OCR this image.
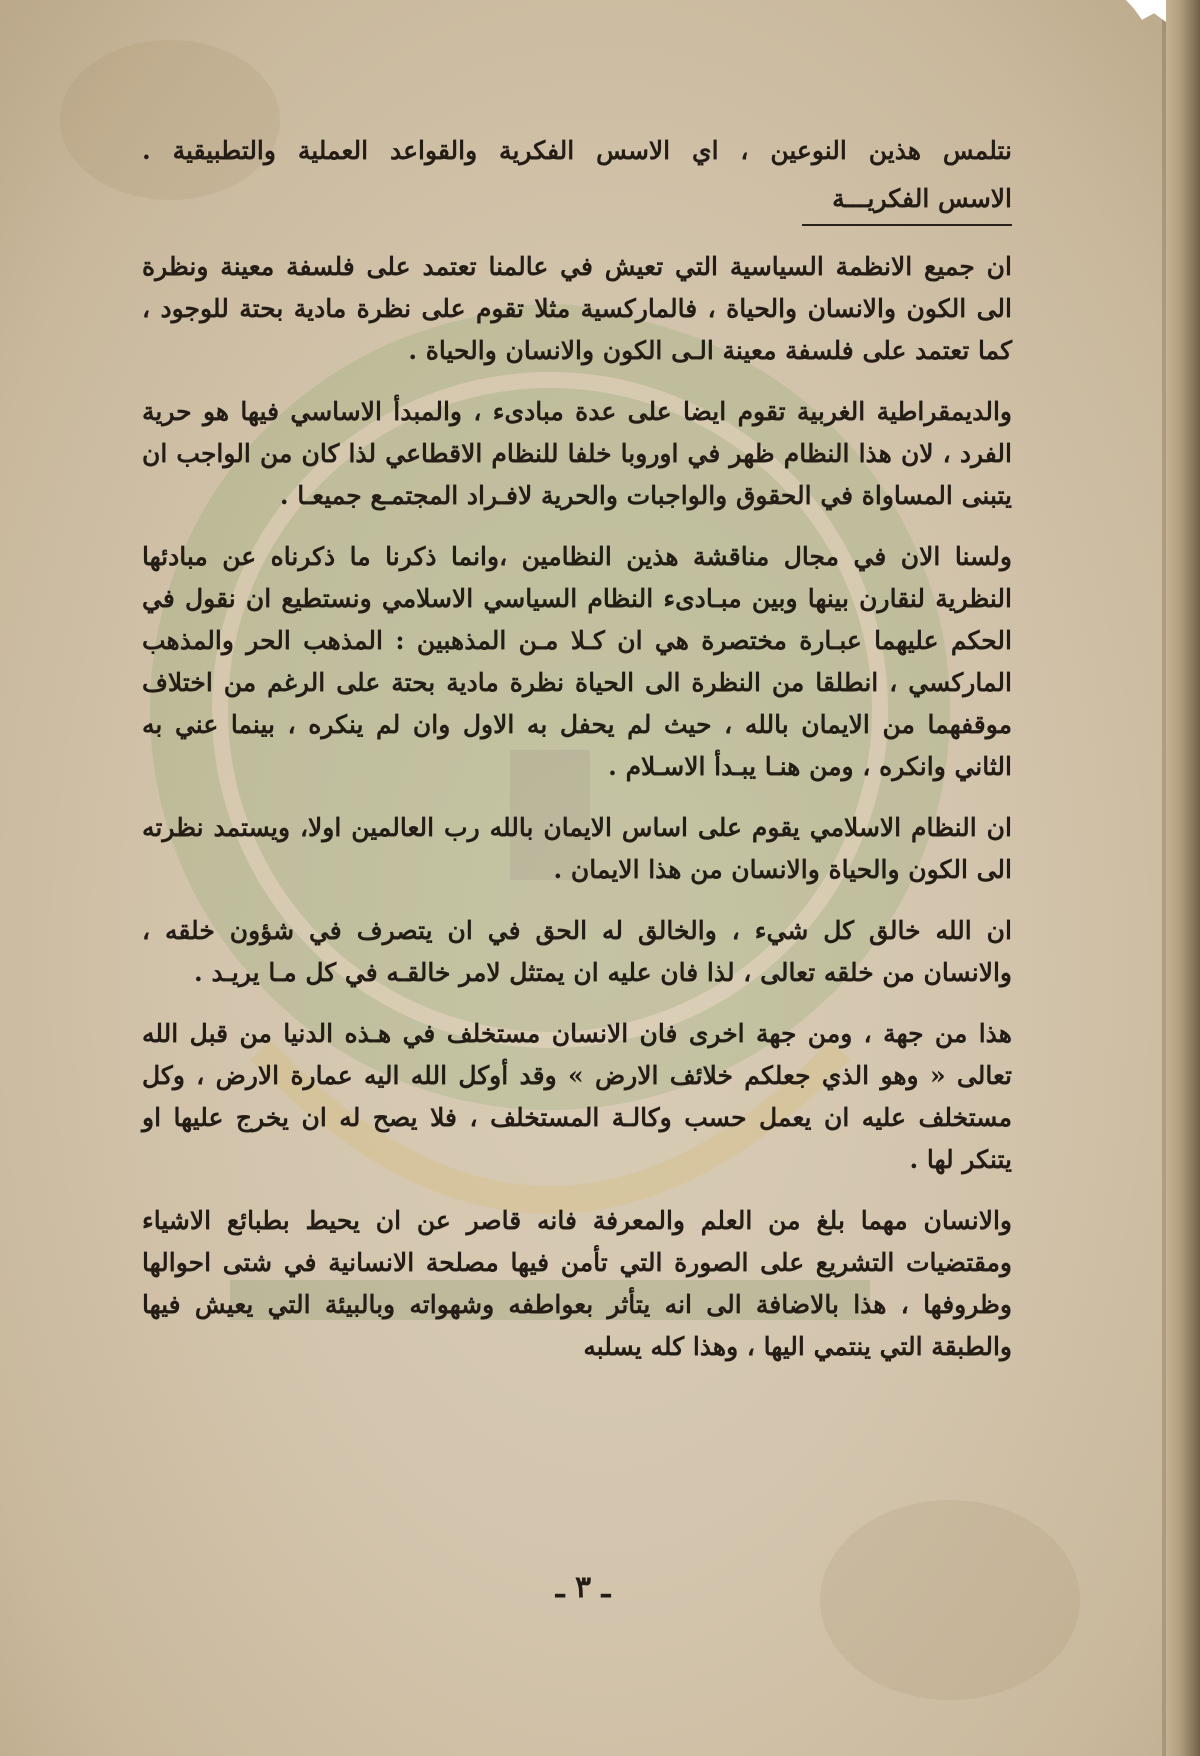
نتلمس هذين النوعين ، اي الاسس الفكرية والقواعد العملية والتطبيقية .

الاسس الفكريـــة

ان جميع الانظمة السياسية التي تعيش في عالمنا تعتمد على فلسفة معينة ونظرة الى الكون والانسان والحياة ، فالماركسية مثلا تقوم على نظرة مادية بحتة للوجود ، كما تعتمد على فلسفة معينة الـى الكون والانسان والحياة .

والديمقراطية الغربية تقوم ايضا على عدة مبادىء ، والمبدأ الاساسي فيها هو حرية الفرد ، لان هذا النظام ظهر في اوروبا خلفا للنظام الاقطاعي لذا كان من الواجب ان يتبنى المساواة في الحقوق والواجبات والحرية لافـراد المجتمـع جميعـا .

ولسنا الان في مجال مناقشة هذين النظامين ،وانما ذكرنا ما ذكرناه عن مبادئها النظرية لنقارن بينها وبين مبـادىء النظام السياسي الاسلامي ونستطيع ان نقول في الحكم عليهما عبـارة مختصرة هي ان كـلا مـن المذهبين : المذهب الحر والمذهب الماركسي ، انطلقا من النظرة الى الحياة نظرة مادية بحتة على الرغم من اختلاف موقفهما من الايمان بالله ، حيث لم يحفل به الاول وان لم ينكره ، بينما عني به الثاني وانكره ، ومن هنـا يبـدأ الاسـلام .

ان النظام الاسلامي يقوم على اساس الايمان بالله رب العالمين اولا، ويستمد نظرته الى الكون والحياة والانسان من هذا الايمان .

ان الله خالق كل شيء ، والخالق له الحق في ان يتصرف في شؤون خلقه ، والانسان من خلقه تعالى ، لذا فان عليه ان يمتثل لامر خالقـه في كل مـا يريـد .

هذا من جهة ، ومن جهة اخرى فان الانسان مستخلف في هـذه الدنيا من قبل الله تعالى « وهو الذي جعلكم خلائف الارض » وقد أوكل الله اليه عمارة الارض ، وكل مستخلف عليه ان يعمل حسب وكالـة المستخلف ، فلا يصح له ان يخرج عليها او يتنكر لها .

والانسان مهما بلغ من العلم والمعرفة فانه قاصر عن ان يحيط بطبائع الاشياء ومقتضيات التشريع على الصورة التي تأمن فيها مصلحة الانسانية في شتى احوالها وظروفها ، هذا بالاضافة الى انه يتأثر بعواطفه وشهواته وبالبيئة التي يعيش فيها والطبقة التي ينتمي اليها ، وهذا كله يسلبه

ـ ٣ ـ
